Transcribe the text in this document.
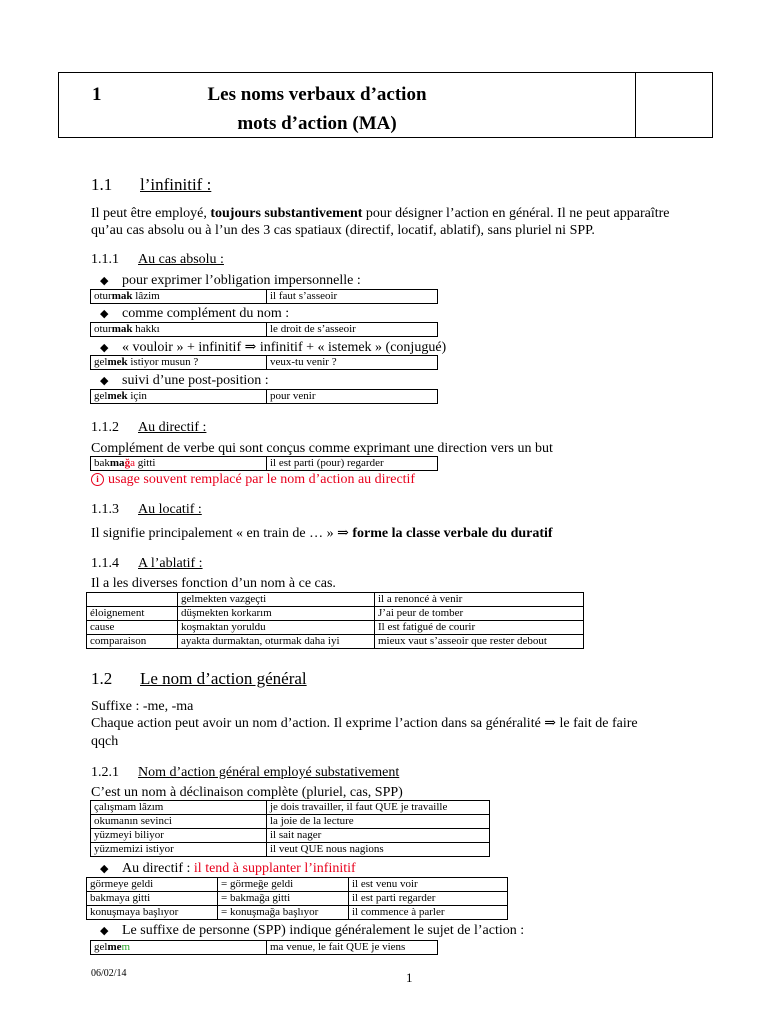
1	Les noms verbaux d’action
mots d’action (MA)
1.1 l’infinitif :
Il peut être employé, toujours substantivement pour désigner l’action en général. Il ne peut apparaître
qu’au cas absolu ou à l’un des 3 cas spatiaux (directif, locatif, ablatif), sans pluriel ni SPP.
1.1.1 Au cas absolu :
◆ pour exprimer l’obligation impersonnelle :
oturmak lâzim	il faut s’asseoir
◆ comme complément du nom :
oturmak hakkı	le droit de s’asseoir
◆ « vouloir » + infinitif ⇒ infinitif + « istemek » (conjugué)
gelmek istiyor musun ?	veux-tu venir ?
◆ suivi d’une post-position :
gelmek için	pour venir
1.1.2 Au directif :
Complément de verbe qui sont conçus comme exprimant une direction vers un but
bakmağa gitti	il est parti (pour) regarder
i usage souvent remplacé par le nom d’action au directif
1.1.3 Au locatif :
Il signifie principalement « en train de … » ⇒ forme la classe verbale du duratif
1.1.4 A l’ablatif :
Il a les diverses fonction d’un nom à ce cas.
	gelmekten vazgeçti	il a renoncé à venir
éloignement	düşmekten korkarım	J’ai peur de tomber
cause	koşmaktan yoruldu	Il est fatigué de courir
comparaison	ayakta durmaktan, oturmak daha iyi	mieux vaut s’asseoir que rester debout
1.2 Le nom d’action général
Suffixe : -me, -ma
Chaque action peut avoir un nom d’action. Il exprime l’action dans sa généralité ⇒ le fait de faire
qqch
1.2.1 Nom d’action général employé substativement
C’est un nom à déclinaison complète (pluriel, cas, SPP)
çalışmam lâzım	je dois travailler, il faut QUE je travaille
okumanın sevinci	la joie de la lecture
yüzmeyi biliyor	il sait nager
yüzmemizi istiyor	il veut QUE nous nagions
◆ Au directif : il tend à supplanter l’infinitif
görmeye geldi	= görmeğe geldi	il est venu voir
bakmaya gitti	= bakmağa gitti	il est parti regarder
konuşmaya başlıyor	= konuşmağa başlıyor	il commence à parler
◆ Le suffixe de personne (SPP) indique généralement le sujet de l’action :
gelmem	ma venue, le fait QUE je viens
06/02/14	1
